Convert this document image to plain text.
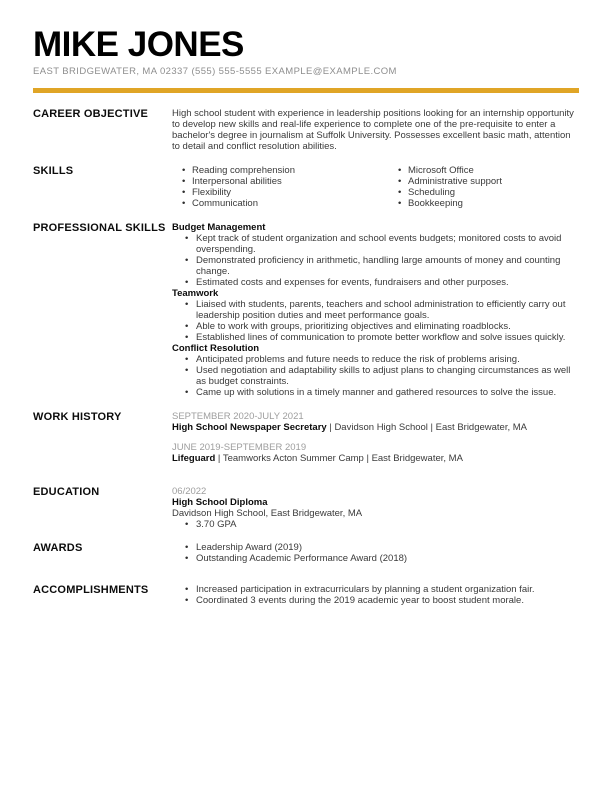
MIKE JONES
EAST BRIDGEWATER, MA 02337 (555) 555-5555 EXAMPLE@EXAMPLE.COM
CAREER OBJECTIVE	High school student with experience in leadership positions looking for an internship opportunity to develop new skills and real-life experience to complete one of the pre-requisite to enter a bachelor's degree in journalism at Suffolk University. Possesses excellent basic math, attention to detail and conflict resolution abilities.

SKILLS	• Reading comprehension
• Interpersonal abilities
• Flexibility
• Communication
• Microsoft Office
• Administrative support
• Scheduling
• Bookkeeping
PROFESSIONAL SKILLS Budget Management
• Kept track of student organization and school events budgets; monitored costs to avoid overspending.
• Demonstrated proficiency in arithmetic, handling large amounts of money and counting change.
• Estimated costs and expenses for events, fundraisers and other purposes.
Teamwork
• Liaised with students, parents, teachers and school administration to efficiently carry out leadership position duties and meet performance goals.
• Able to work with groups, prioritizing objectives and eliminating roadblocks.
• Established lines of communication to promote better workflow and solve issues quickly.
Conflict Resolution
• Anticipated problems and future needs to reduce the risk of problems arising.
• Used negotiation and adaptability skills to adjust plans to changing circumstances as well as budget constraints.
• Came up with solutions in a timely manner and gathered resources to solve the issue.
WORK HISTORY	SEPTEMBER 2020-JULY 2021

High School Newspaper Secretary | Davidson High School | East Bridgewater, MA

JUNE 2019-SEPTEMBER 2019

Lifeguard | Teamworks Acton Summer Camp | East Bridgewater, MA

EDUCATION	06/2022
High School Diploma
Davidson High School, East Bridgewater, MA
• 3.70 GPA
AWARDS	• Leadership Award (2019)
• Outstanding Academic Performance Award (2018)
ACCOMPLISHMENTS	• Increased participation in extracurriculars by planning a student organization fair.
• Coordinated 3 events during the 2019 academic year to boost student morale.
